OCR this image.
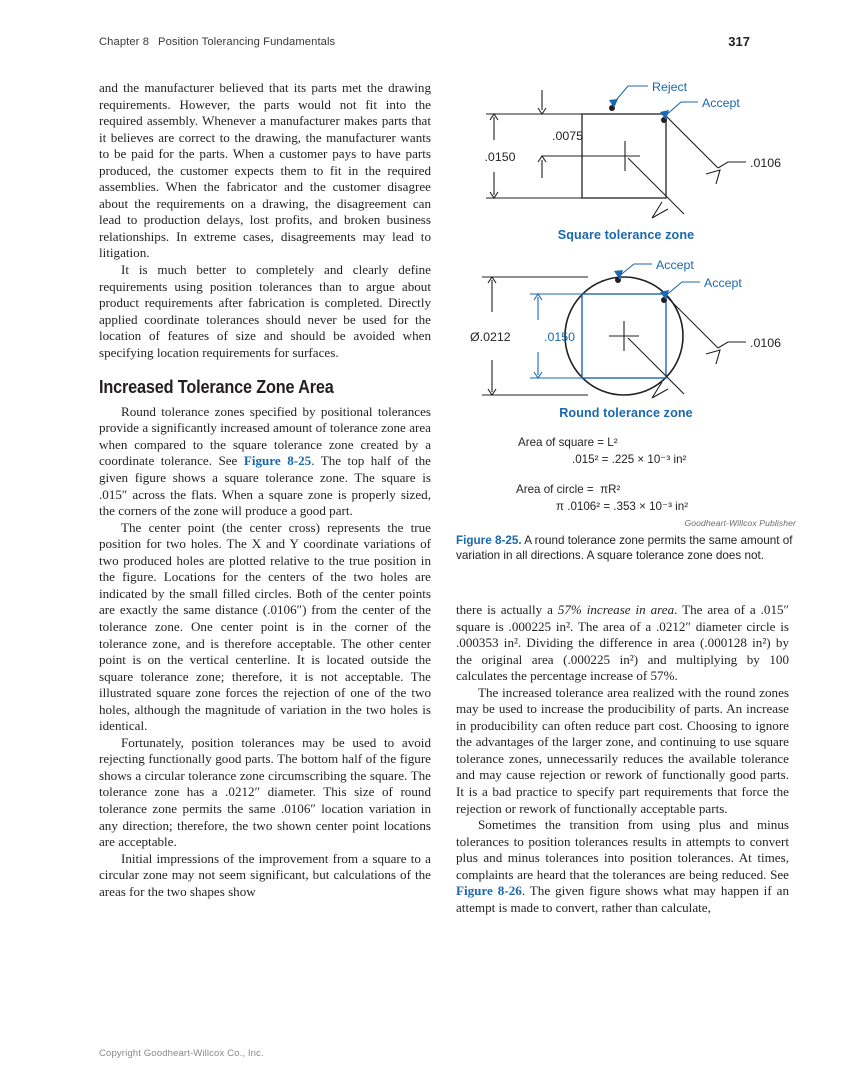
Chapter 8 Position Tolerancing Fundamentals	317

and the manufacturer believed that its parts met the drawing requirements. However, the parts would not fit into the required assembly. Whenever a manufacturer makes parts that it believes are correct to the drawing, the manufacturer wants to be paid for the parts. When a customer pays to have parts produced, the customer expects them to fit in the required assemblies. When the fabricator and the customer disagree about the requirements on a drawing, the disagreement can lead to production delays, lost profits, and broken business relationships. In extreme cases, disagreements may lead to litigation.

It is much better to completely and clearly define requirements using position tolerances than to argue about product requirements after fabrication is completed. Directly applied coordinate tolerances should never be used for the location of features of size and should be avoided when specifying location requirements for surfaces.

Increased Tolerance Zone Area

Round tolerance zones specified by positional tolerances provide a significantly increased amount of tolerance zone area when compared to the square tolerance zone created by a coordinate tolerance. See Figure 8-25. The top half of the given figure shows a square tolerance zone. The square is .015″ across the flats. When a square zone is properly sized, the corners of the zone will produce a good part.

The center point (the center cross) represents the true position for two holes. The X and Y coordinate variations of two produced holes are plotted relative to the true position in the figure. Locations for the centers of the two holes are indicated by the small filled circles. Both of the center points are exactly the same distance (.0106″) from the center of the tolerance zone. One center point is in the corner of the tolerance zone, and is therefore acceptable. The other center point is on the vertical centerline. It is located outside the square tolerance zone; therefore, it is not acceptable. The illustrated square zone forces the rejection of one of the two holes, although the magnitude of variation in the two holes is identical.

Fortunately, position tolerances may be used to avoid rejecting functionally good parts. The bottom half of the figure shows a circular tolerance zone circumscribing the square. The tolerance zone has a .0212″ diameter. This size of round tolerance zone permits the same .0106″ location variation in any direction; therefore, the two shown center point locations are acceptable.

Initial impressions of the improvement from a square to a circular zone may not seem significant, but calculations of the areas for the two shapes show

.0150
.0075
.0106
Reject
Accept
Square tolerance zone
Ø.0212	.0150	.0106
Accept
Accept
Round tolerance zone
Area of square = L²
.015² = .225 × 10⁻³ in²
Area of circle =  πR²
π .0106² = .353 × 10⁻³ in²
Goodheart-Willcox Publisher
Figure 8-25. A round tolerance zone permits the same amount of variation in all directions. A square tolerance zone does not.

there is actually a 57% increase in area. The area of a .015″ square is .000225 in². The area of a .0212″ diameter circle is .000353 in². Dividing the difference in area (.000128 in²) by the original area (.000225 in²) and multiplying by 100 calculates the percentage increase of 57%.

The increased tolerance area realized with the round zones may be used to increase the producibility of parts. An increase in producibility can often reduce part cost. Choosing to ignore the advantages of the larger zone, and continuing to use square tolerance zones, unnecessarily reduces the available tolerance and may cause rejection or rework of functionally good parts. It is a bad practice to specify part requirements that force the rejection or rework of functionally acceptable parts.

Sometimes the transition from using plus and minus tolerances to position tolerances results in attempts to convert plus and minus tolerances into position tolerances. At times, complaints are heard that the tolerances are being reduced. See Figure 8-26. The given figure shows what may happen if an attempt is made to convert, rather than calculate,

Copyright Goodheart-Willcox Co., Inc.
